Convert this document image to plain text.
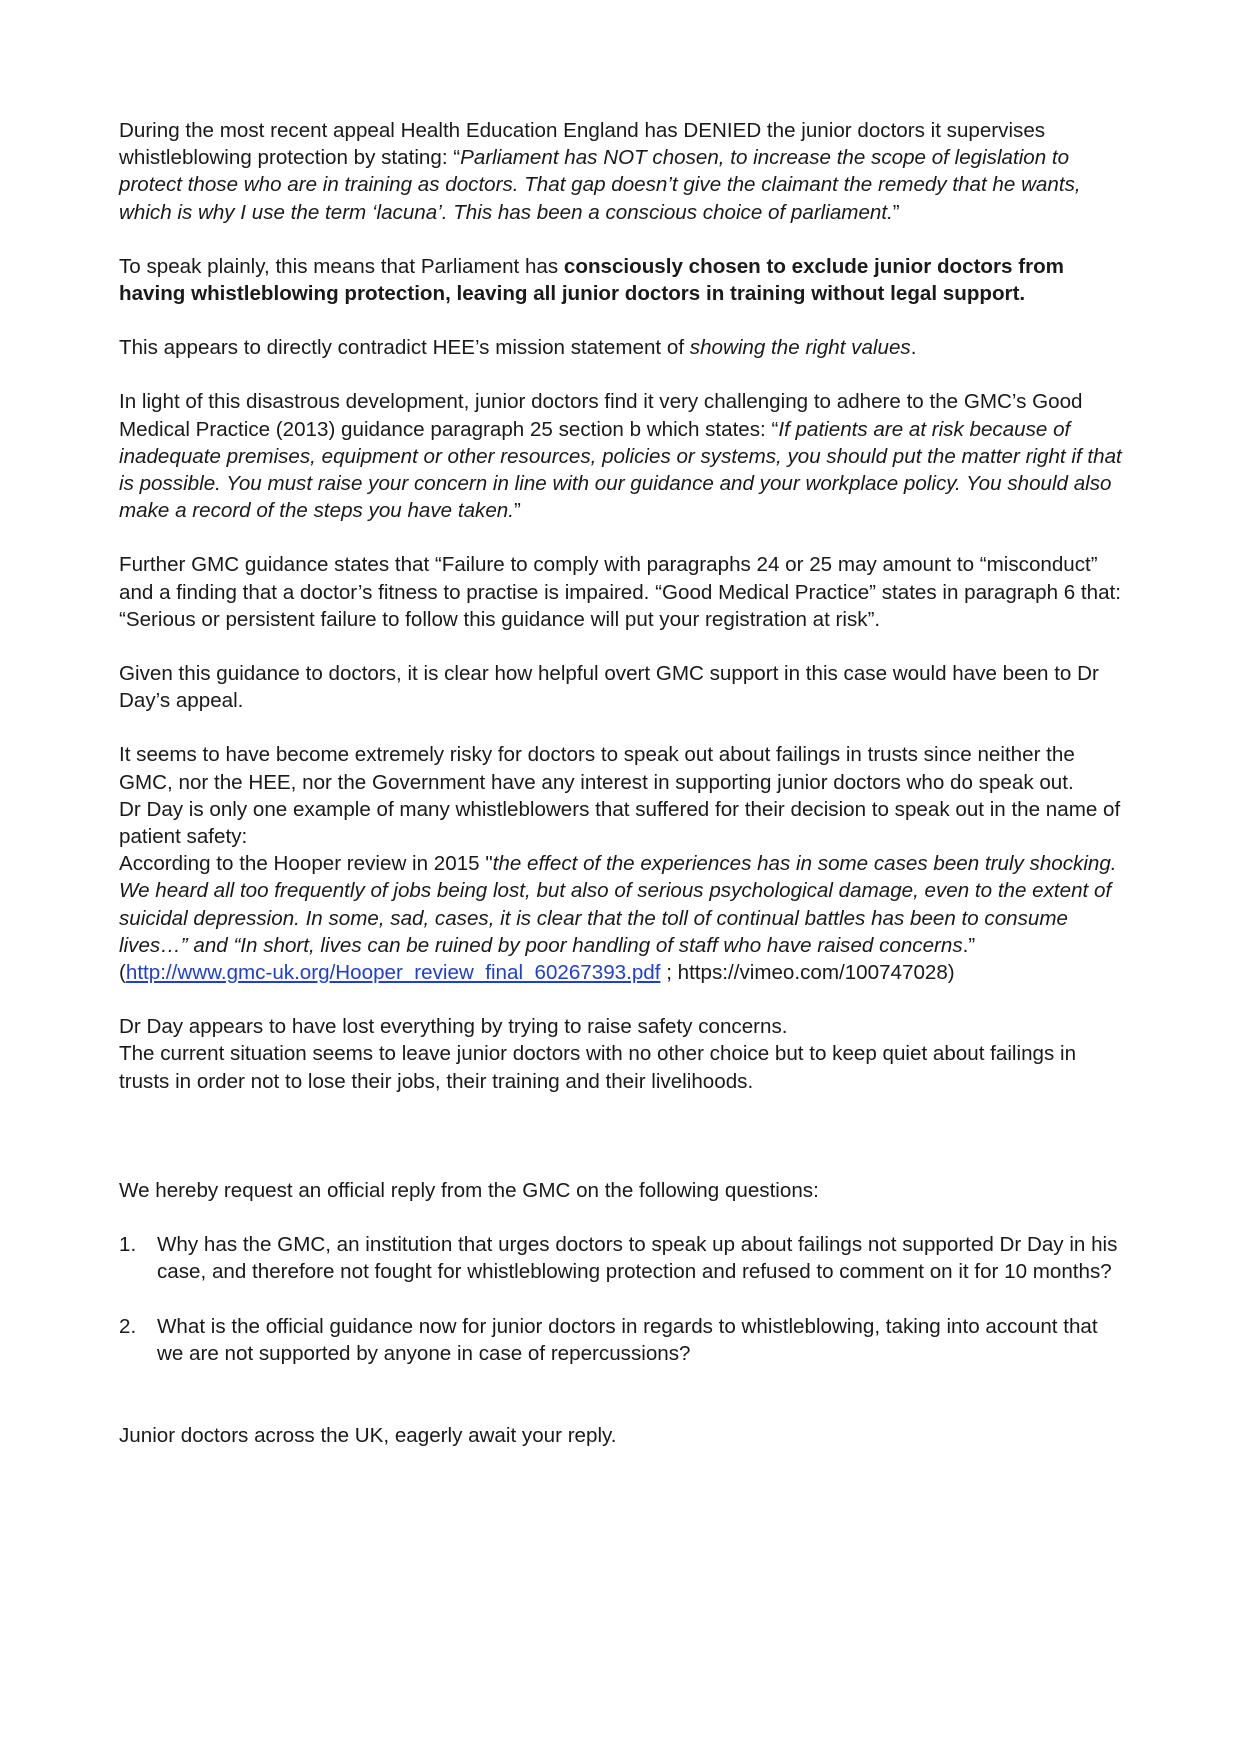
During the most recent appeal Health Education England has DENIED the junior doctors it supervises whistleblowing protection by stating: “Parliament has NOT chosen, to increase the scope of legislation to protect those who are in training as doctors. That gap doesn’t give the claimant the remedy that he wants, which is why I use the term ‘lacuna’. This has been a conscious choice of parliament.”

To speak plainly, this means that Parliament has consciously chosen to exclude junior doctors from having whistleblowing protection, leaving all junior doctors in training without legal support.

This appears to directly contradict HEE’s mission statement of showing the right values.

In light of this disastrous development, junior doctors find it very challenging to adhere to the GMC’s Good Medical Practice (2013) guidance paragraph 25 section b which states: “If patients are at risk because of inadequate premises, equipment or other resources, policies or systems, you should put the matter right if that is possible. You must raise your concern in line with our guidance and your workplace policy. You should also make a record of the steps you have taken.”

Further GMC guidance states that “Failure to comply with paragraphs 24 or 25 may amount to “misconduct” and a finding that a doctor’s fitness to practise is impaired. “Good Medical Practice” states in paragraph 6 that: “Serious or persistent failure to follow this guidance will put your registration at risk”.

Given this guidance to doctors, it is clear how helpful overt GMC support in this case would have been to Dr Day’s appeal.

It seems to have become extremely risky for doctors to speak out about failings in trusts since neither the GMC, nor the HEE, nor the Government have any interest in supporting junior doctors who do speak out.

Dr Day is only one example of many whistleblowers that suffered for their decision to speak out in the name of patient safety:

According to the Hooper review in 2015 "the effect of the experiences has in some cases been truly shocking. We heard all too frequently of jobs being lost, but also of serious psychological damage, even to the extent of suicidal depression. In some, sad, cases, it is clear that the toll of continual battles has been to consume lives…” and “In short, lives can be ruined by poor handling of staff who have raised concerns.”

(http://www.gmc-uk.org/Hooper_review_final_60267393.pdf ; https://vimeo.com/100747028)

Dr Day appears to have lost everything by trying to raise safety concerns.

The current situation seems to leave junior doctors with no other choice but to keep quiet about failings in trusts in order not to lose their jobs, their training and their livelihoods.

We hereby request an official reply from the GMC on the following questions:

1. Why has the GMC, an institution that urges doctors to speak up about failings not supported Dr Day in his case, and therefore not fought for whistleblowing protection and refused to comment on it for 10 months?
2. What is the official guidance now for junior doctors in regards to whistleblowing, taking into account that we are not supported by anyone in case of repercussions?

Junior doctors across the UK, eagerly await your reply.
